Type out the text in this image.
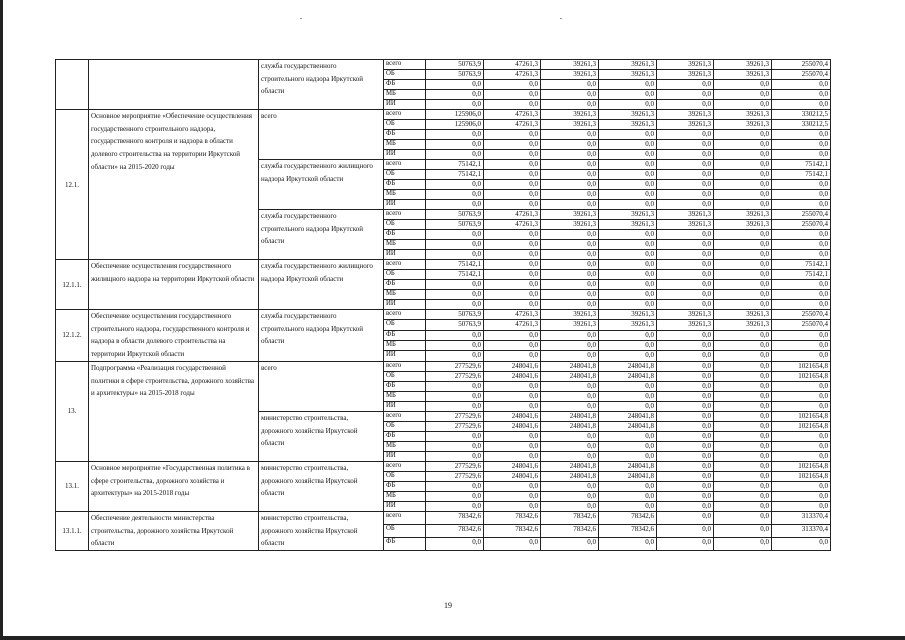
		служба государственного строительного надзора Иркутской области	всего	50763,9	47261,3	39261,3	39261,3	39261,3	39261,3	255070,4
			ОБ	50763,9	47261,3	39261,3	39261,3	39261,3	39261,3	255070,4
			ФБ	0,0	0,0	0,0	0,0	0,0	0,0	0,0
			МБ	0,0	0,0	0,0	0,0	0,0	0,0	0,0
			ИИ	0,0	0,0	0,0	0,0	0,0	0,0	0,0
12.1.	Основное мероприятие «Обеспечение осуществления государственного строительного надзора, государственного контроля и надзора в области долевого строительства на территории Иркутской области» на 2015-2020 годы	всего	всего	125906,0	47261,3	39261,3	39261,3	39261,3	39261,3	330212,5
			ОБ	125906,0	47261,3	39261,3	39261,3	39261,3	39261,3	330212,5
			ФБ	0,0	0,0	0,0	0,0	0,0	0,0	0,0
			МБ	0,0	0,0	0,0	0,0	0,0	0,0	0,0
			ИИ	0,0	0,0	0,0	0,0	0,0	0,0	0,0
		служба государственного жилищного надзора Иркутской области	всего	75142,1	0,0	0,0	0,0	0,0	0,0	75142,1
			ОБ	75142,1	0,0	0,0	0,0	0,0	0,0	75142,1
			ФБ	0,0	0,0	0,0	0,0	0,0	0,0	0,0
			МБ	0,0	0,0	0,0	0,0	0,0	0,0	0,0
			ИИ	0,0	0,0	0,0	0,0	0,0	0,0	0,0
		служба государственного строительного надзора Иркутской области	всего	50763,9	47261,3	39261,3	39261,3	39261,3	39261,3	255070,4
			ОБ	50763,9	47261,3	39261,3	39261,3	39261,3	39261,3	255070,4
			ФБ	0,0	0,0	0,0	0,0	0,0	0,0	0,0
			МБ	0,0	0,0	0,0	0,0	0,0	0,0	0,0
			ИИ	0,0	0,0	0,0	0,0	0,0	0,0	0,0
12.1.1.	Обеспечение осуществления государственного жилищного надзора на территории Иркутской области	служба государственного жилищного надзора Иркутской области	всего	75142,1	0,0	0,0	0,0	0,0	0,0	75142,1
			ОБ	75142,1	0,0	0,0	0,0	0,0	0,0	75142,1
			ФБ	0,0	0,0	0,0	0,0	0,0	0,0	0,0
			МБ	0,0	0,0	0,0	0,0	0,0	0,0	0,0
			ИИ	0,0	0,0	0,0	0,0	0,0	0,0	0,0
12.1.2.	Обеспечение осуществления государственного строительного надзора, государственного контроля и надзора в области долевого строительства на территории Иркутской области	служба государственного строительного надзора Иркутской области	всего	50763,9	47261,3	39261,3	39261,3	39261,3	39261,3	255070,4
			ОБ	50763,9	47261,3	39261,3	39261,3	39261,3	39261,3	255070,4
			ФБ	0,0	0,0	0,0	0,0	0,0	0,0	0,0
			МБ	0,0	0,0	0,0	0,0	0,0	0,0	0,0
			ИИ	0,0	0,0	0,0	0,0	0,0	0,0	0,0
13.	Подпрограмма «Реализация государственной политики в сфере строительства, дорожного хозяйства и архитектуры» на 2015-2018 годы	всего	всего	277529,6	248041,6	248041,8	248041,8	0,0	0,0	1021654,8
			ОБ	277529,6	248041,6	248041,8	248041,8	0,0	0,0	1021654,8
			ФБ	0,0	0,0	0,0	0,0	0,0	0,0	0,0
			МБ	0,0	0,0	0,0	0,0	0,0	0,0	0,0
			ИИ	0,0	0,0	0,0	0,0	0,0	0,0	0,0
		министерство строительства, дорожного хозяйства Иркутской области	всего	277529,6	248041,6	248041,8	248041,8	0,0	0,0	1021654,8
			ОБ	277529,6	248041,6	248041,8	248041,8	0,0	0,0	1021654,8
			ФБ	0,0	0,0	0,0	0,0	0,0	0,0	0,0
			МБ	0,0	0,0	0,0	0,0	0,0	0,0	0,0
			ИИ	0,0	0,0	0,0	0,0	0,0	0,0	0,0
13.1.	Основное мероприятие «Государственная политика в сфере строительства, дорожного хозяйства и архитектуры» на 2015-2018 годы	министерство строительства, дорожного хозяйства Иркутской области	всего	277529,6	248041,6	248041,8	248041,8	0,0	0,0	1021654,8
			ОБ	277529,6	248041,6	248041,8	248041,8	0,0	0,0	1021654,8
			ФБ	0,0	0,0	0,0	0,0	0,0	0,0	0,0
			МБ	0,0	0,0	0,0	0,0	0,0	0,0	0,0
			ИИ	0,0	0,0	0,0	0,0	0,0	0,0	0,0
13.1.1.	Обеспечение деятельности министерства строительства, дорожного хозяйства Иркутской области	министерство строительства, дорожного хозяйства Иркутской области	всего	78342,6	78342,6	78342,6	78342,6	0,0	0,0	313370,4
			ОБ	78342,6	78342,6	78342,6	78342,6	0,0	0,0	313370,4
			ФБ	0,0	0,0	0,0	0,0	0,0	0,0	0,0
19
